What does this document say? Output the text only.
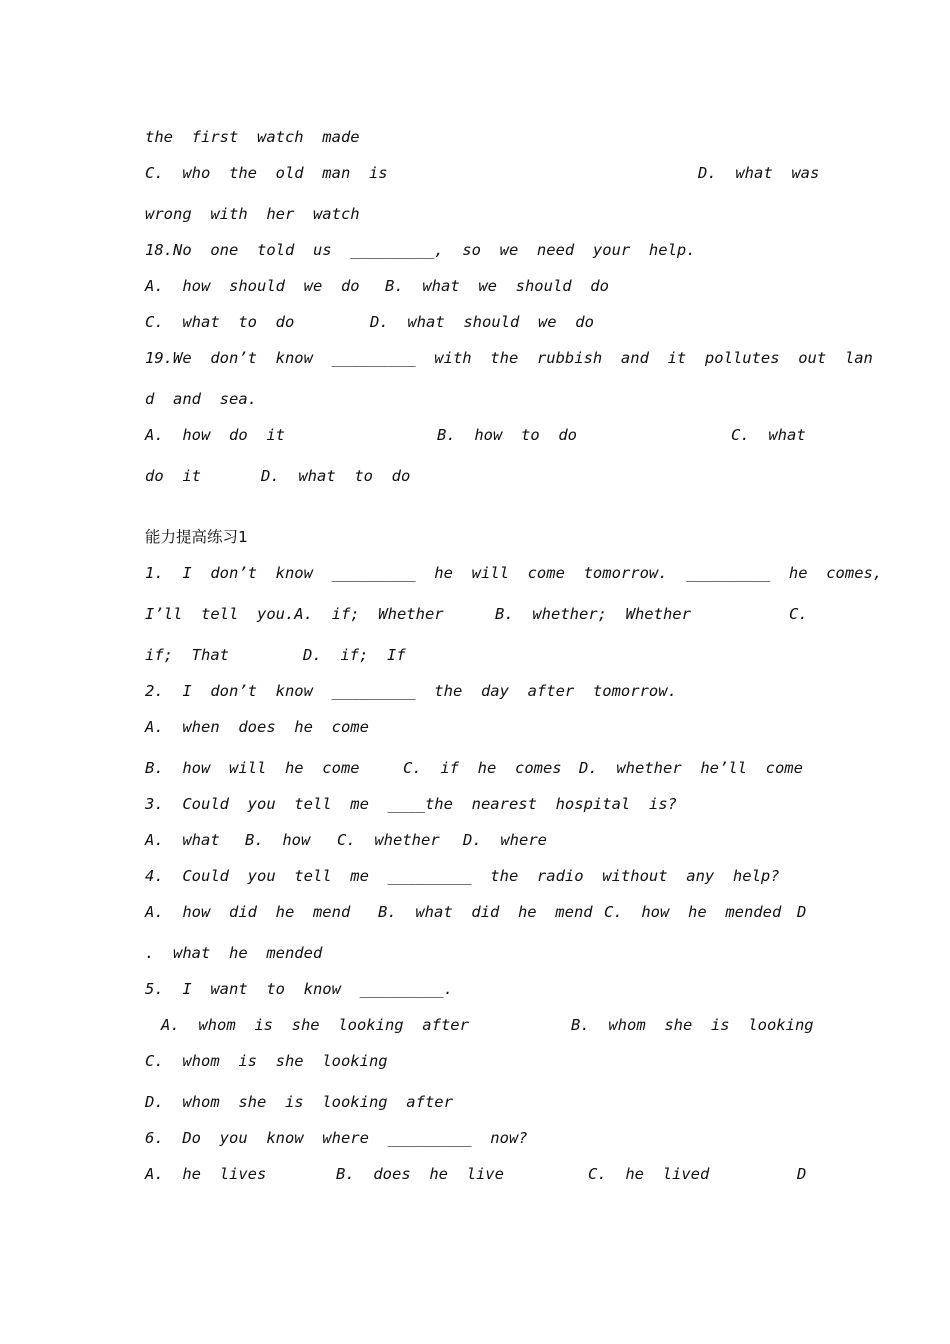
the  first  watch  made
C.  who  the  old  man  is	D.  what  was
wrong  with  her  watch
18.No  one  told  us  _________,  so  we  need  your  help.
A.  how  should  we  do B.  what  we  should  do
C.  what  to  do	D.  what  should  we  do
19.We  don’t  know  _________  with  the  rubbish  and  it  pollutes  out  lan
d  and  sea.
A.  how  do  it	B.  how  to  do	C.  what
do  it	D.  what  to  do
能力提高练习1
1.  I  don’t  know  _________  he  will  come  tomorrow.  _________  he  comes,
I’ll  tell  you.A.  if;  Whether	B.  whether;  Whether	C.
if;  That	D.  if;  If
2.  I  don’t  know  _________  the  day  after  tomorrow.
A.  when  does  he  come
B.  how  will  he  come	C.  if  he  comes D.  whether  he’ll  come
3.  Could  you  tell  me  ____the  nearest  hospital  is?
A.  what B.  how C.  whether D.  where
4.  Could  you  tell  me  _________  the  radio  without  any  help?
A.  how  did  he  mend B.  what  did  he  mend C.  how  he  mended D
.  what  he  mended
5.  I  want  to  know  _________.
A.  whom  is  she  looking  after	B.  whom  she  is  looking
C.  whom  is  she  looking
D.  whom  she  is  looking  after
6.  Do  you  know  where  _________  now?
A.  he  lives	B.  does  he  live	C.  he  lived	D
